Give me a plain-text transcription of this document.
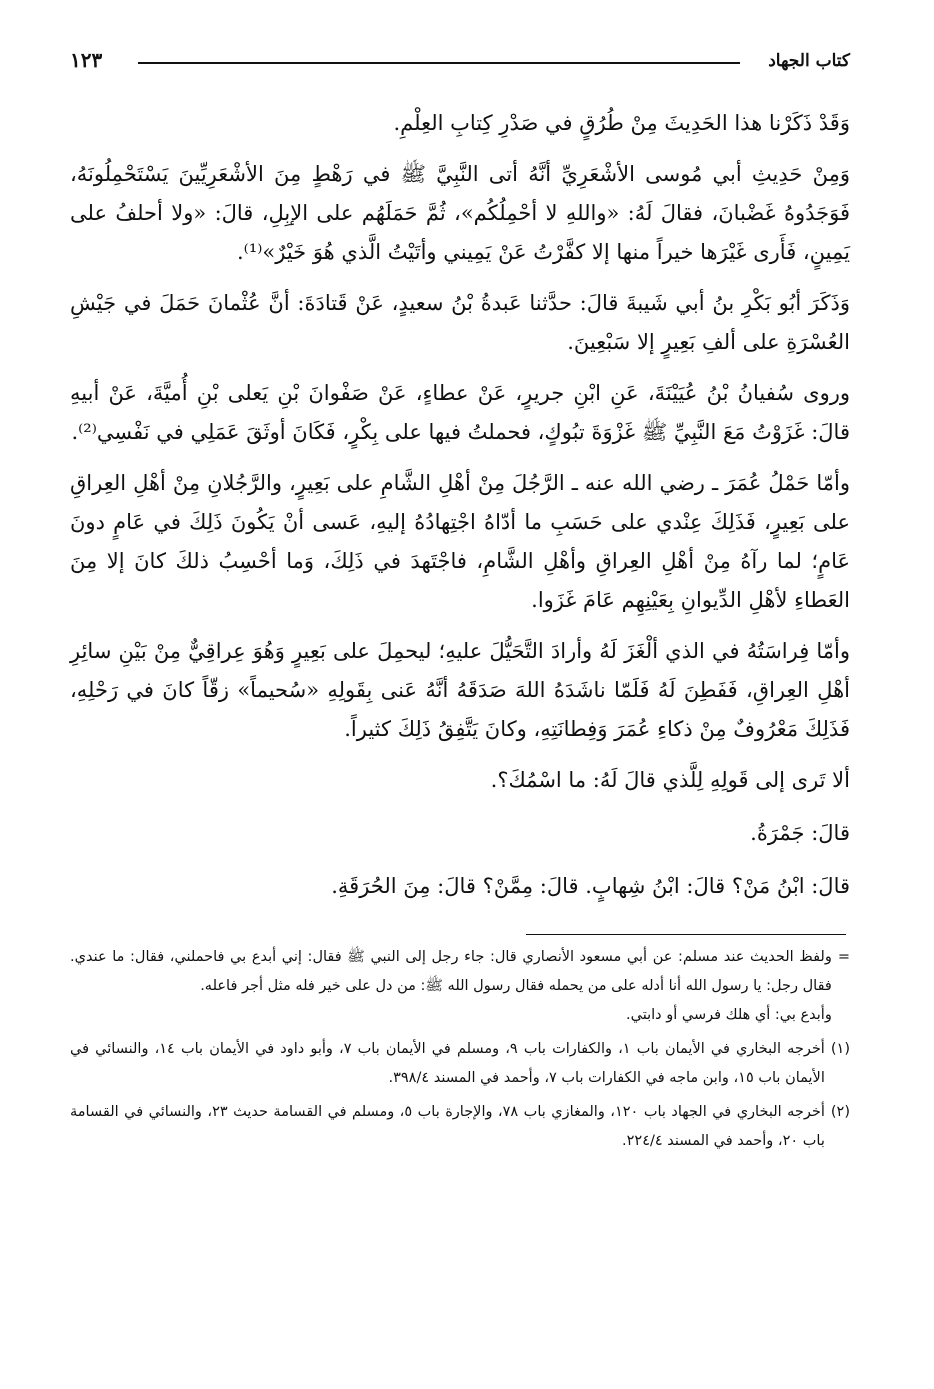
كتاب الجهاد
١٢٣

وَقَدْ ذَكَرْنا هذا الحَدِيثَ مِنْ طُرُقٍ في صَدْرِ كِتابِ العِلْمِ.

وَمِنْ حَدِيثِ أبي مُوسى الأشْعَرِيِّ أنَّهُ أتى النَّبِيَّ ﷺ في رَهْطٍ مِنَ الأشْعَرِيِّينَ يَسْتَحْمِلُونَهُ، فَوَجَدُوهُ غَضْبانَ، فقالَ لَهُ: «واللهِ لا أحْمِلُكُم»، ثُمَّ حَمَلَهُم على الإبِلِ، قالَ: «ولا أحلفُ على يَمِينٍ، فَأَرى غَيْرَها خيراً منها إلا كفَّرْتُ عَنْ يَمِيني وأتَيْتُ الَّذي هُوَ خَيْرٌ»⁽¹⁾.

وَذَكَرَ أبُو بَكْرِ بنُ أبي شَيبةَ قالَ: حدَّثنا عَبدةُ بْنُ سعيدٍ، عَنْ قَتادَةَ: أنَّ عُثْمانَ حَمَلَ في جَيْشِ العُسْرَةِ على ألفِ بَعِيرٍ إلا سَبْعِينَ.

وروى سُفيانُ بْنُ عُيَيْنَةَ، عَنِ ابْنِ جريرٍ، عَنْ عطاءٍ، عَنْ صَفْوانَ بْنِ يَعلى بْنِ أُميَّةَ، عَنْ أبيهِ قالَ: غَزَوْتُ مَعَ النَّبِيِّ ﷺ غَزْوَةَ تبُوكٍ، فحملتُ فيها على بِكْرٍ، فَكَانَ أوثَقَ عَمَلِي في نَفْسِي⁽²⁾.

وأمّا حَمْلُ عُمَرَ ـ رضي الله عنه ـ الرَّجُلَ مِنْ أهْلِ الشَّامِ على بَعِيرٍ، والرَّجُلانِ مِنْ أهْلِ العِراقِ على بَعِيرٍ، فَذَلِكَ عِنْدي على حَسَبِ ما أدّاهُ اجْتِهادُهُ إليهِ، عَسى أنْ يَكُونَ ذَلِكَ في عَامٍ دونَ عَامٍ؛ لما رآهُ مِنْ أهْلِ العِراقِ وأهْلِ الشَّامِ، فاجْتَهدَ في ذَلِكَ، وَما أحْسِبُ ذلكَ كانَ إلا مِنَ العَطاءِ لأهْلِ الدِّيوانِ بِعَيْنِهِم عَامَ غَزَوا.

وأمّا فِراسَتُهُ في الذي ألْغَزَ لَهُ وأرادَ التَّحَيُّلَ عليهِ؛ ليحمِلَ على بَعِيرٍ وَهُوَ عِراقِيٌّ مِنْ بَيْنِ سائِرِ أهْلِ العِراقِ، فَفَطِنَ لَهُ فَلَمّا ناشَدَهُ اللهَ صَدَقَهُ أنَّهُ عَنى بِقَولِهِ «سُحيماً» زقّاً كانَ في رَحْلِهِ، فَذَلِكَ مَعْرُوفٌ مِنْ ذكاءِ عُمَرَ وَفِطانَتِهِ، وكانَ يَتَّفِقُ ذَلِكَ كثيراً.

ألا تَرى إلى قَولِهِ لِلَّذي قالَ لَهُ: ما اسْمُكَ؟.

قالَ: جَمْرَةُ.

قالَ: ابْنُ مَنْ؟ قالَ: ابْنُ شِهابٍ. قالَ: مِمَّنْ؟ قالَ: مِنَ الحُرَقَةِ.

=

ولفظ الحديث عند مسلم: عن أبي مسعود الأنصاري قال: جاء رجل إلى النبي ﷺ فقال: إني أبدع بي فاحملني، فقال: ما عندي. فقال رجل: يا رسول الله أنا أدله على من يحمله فقال رسول الله ﷺ: من دل على خير فله مثل أجر فاعله.

وأبدع بي: أي هلك فرسي أو دابتي.

(١)

أخرجه البخاري في الأيمان باب ١، والكفارات باب ٩، ومسلم في الأيمان باب ٧، وأبو داود في الأيمان باب ١٤، والنسائي في الأيمان باب ١٥، وابن ماجه في الكفارات باب ٧، وأحمد في المسند ٣٩٨/٤.

(٢)

أخرجه البخاري في الجهاد باب ١٢٠، والمغازي باب ٧٨، والإجارة باب ٥، ومسلم في القسامة حديث ٢٣، والنسائي في القسامة باب ٢٠، وأحمد في المسند ٢٢٤/٤.
